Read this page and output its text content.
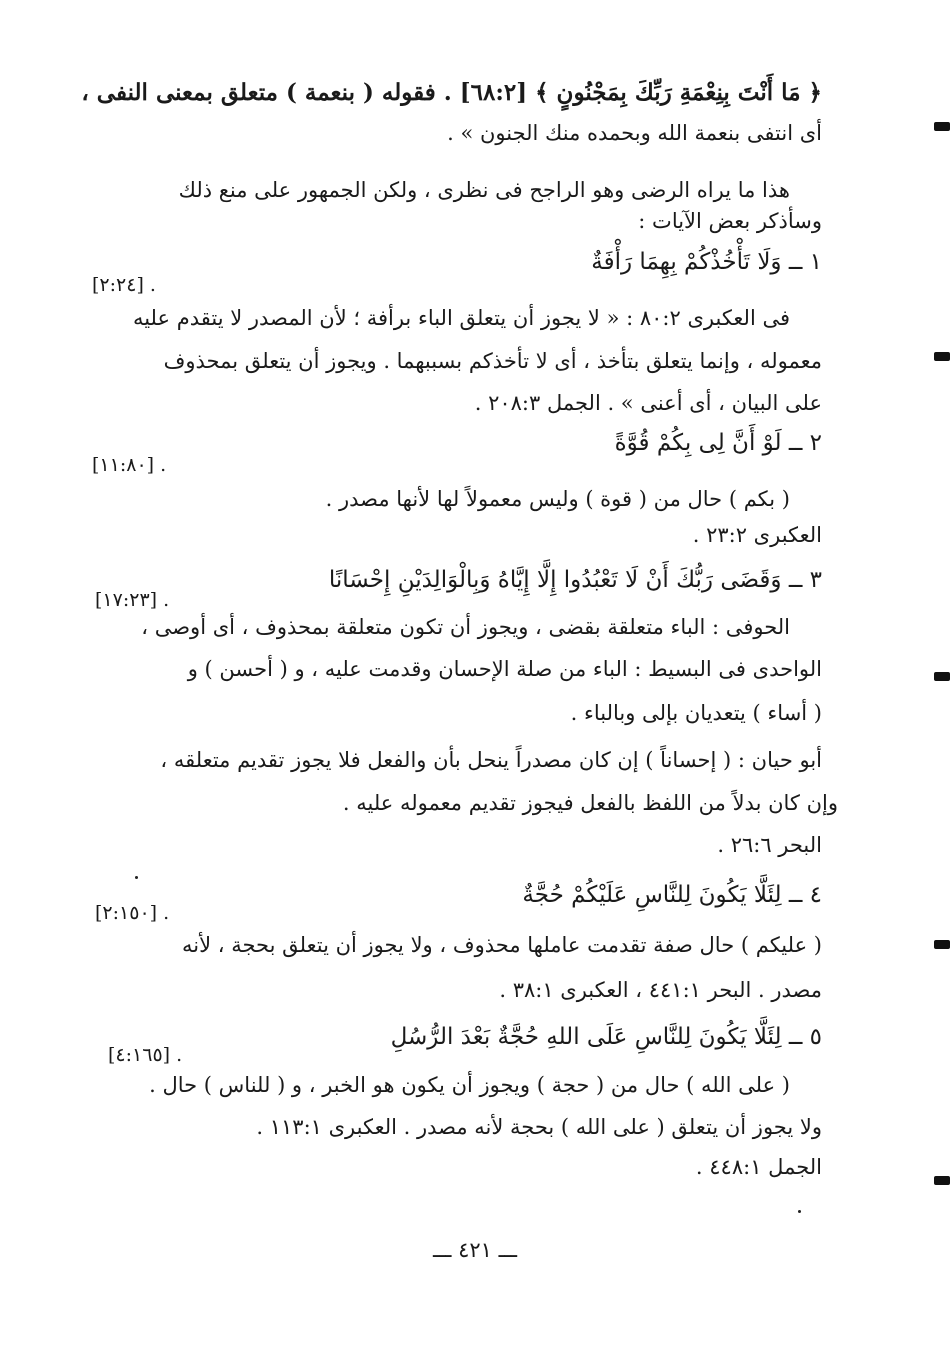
﴿ مَا أَنْتَ بِنِعْمَةِ رَبِّكَ بِمَجْنُونٍ ﴾ [٦٨:٢] . فقوله ( بنعمة ) متعلق بمعنى النفى ،
أى انتفى بنعمة الله وبحمده منك الجنون » .
هذا ما يراه الرضى وهو الراجح فى نظرى ، ولكن الجمهور على منع ذلك
وسأذكر بعض الآيات :
١ ــ وَلَا تَأْخُذْكُمْ بِهِمَا رَأْفَةٌ
[٢:٢٤] .
فى العكبرى ٨٠:٢ : « لا يجوز أن يتعلق الباء برأفة ؛ لأن المصدر لا يتقدم عليه
معموله ، وإنما يتعلق بتأخذ ، أى لا تأخذكم بسببهما . ويجوز أن يتعلق بمحذوف
على البيان ، أى أعنى » . الجمل ٢٠٨:٣ .
٢ ــ لَوْ أَنَّ لِى بِكُمْ قُوَّةً
[١١:٨٠] .
( بكم ) حال من ( قوة ) وليس معمولاً لها لأنها مصدر .
العكبرى ٢٣:٢ .
٣ ــ وَقَضَى رَبُّكَ أَنْ لَا تَعْبُدُوا إِلَّا إِيَّاهُ وَبِالْوَالِدَيْنِ إِحْسَانًا
[١٧:٢٣] .
الحوفى : الباء متعلقة بقضى ، ويجوز أن تكون متعلقة بمحذوف ، أى أوصى ،
الواحدى فى البسيط : الباء من صلة الإحسان وقدمت عليه ، و ( أحسن ) و
( أساء ) يتعديان بإلى وبالباء .
أبو حيان : ( إحساناً ) إن كان مصدراً ينحل بأن والفعل فلا يجوز تقديم متعلقه ،
وإن كان بدلاً من اللفظ بالفعل فيجوز تقديم معموله عليه .
البحر ٢٦:٦ .
٤ ــ لِئَلَّا يَكُونَ لِلنَّاسِ عَلَيْكُمْ حُجَّةٌ
[٢:١٥٠] .
( عليكم ) حال صفة تقدمت عاملها محذوف ، ولا يجوز أن يتعلق بحجة ، لأنه
مصدر . البحر ٤٤١:١ ، العكبرى ٣٨:١ .
٥ ــ لِئَلَّا يَكُونَ لِلنَّاسِ عَلَى اللهِ حُجَّةٌ بَعْدَ الرُّسُلِ
[٤:١٦٥] .
( على الله ) حال من ( حجة ) ويجوز أن يكون هو الخبر ، و ( للناس ) حال .
ولا يجوز أن يتعلق ( على الله ) بحجة لأنه مصدر . العكبرى ١١٣:١ .
الجمل ٤٤٨:١ .
ـــ ٤٢١ ـــ
